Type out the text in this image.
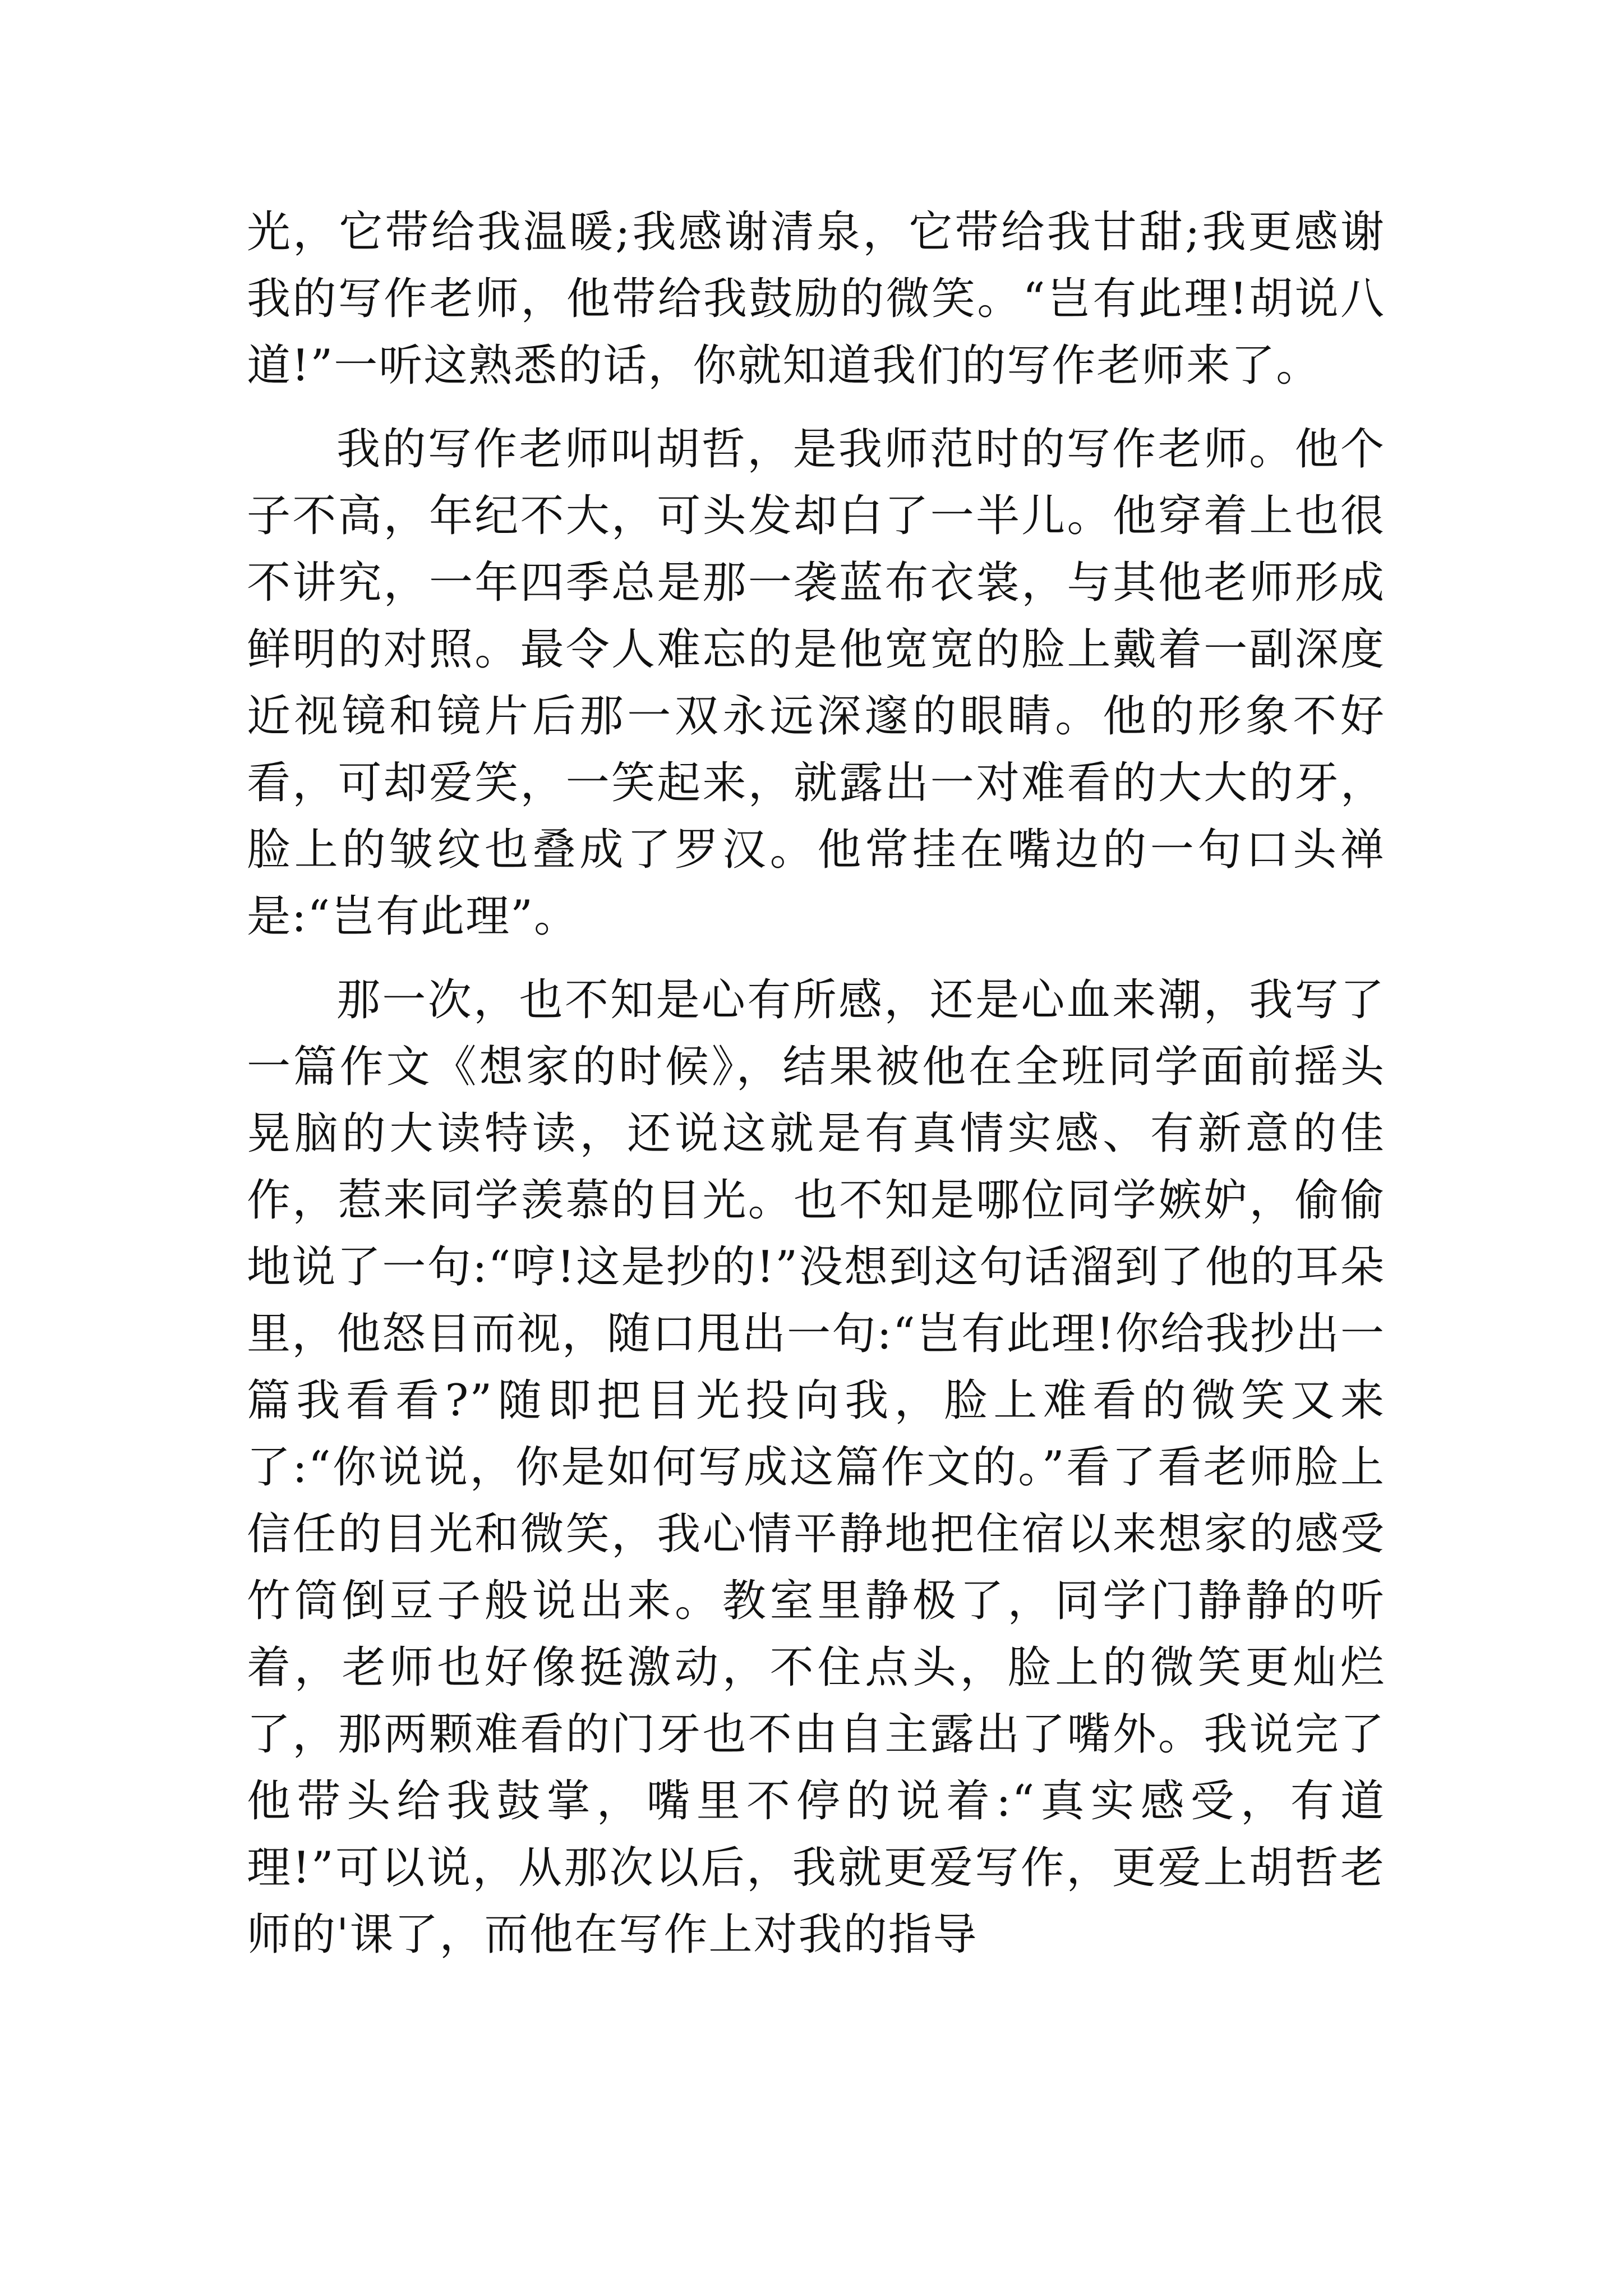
光，它带给我温暖;我感谢清泉，它带给我甘甜;我更感谢我的写作老师，他带给我鼓励的微笑。“岂有此理!胡说八道!”一听这熟悉的话，你就知道我们的写作老师来了。

我的写作老师叫胡哲，是我师范时的写作老师。他个子不高，年纪不大，可头发却白了一半儿。他穿着上也很不讲究，一年四季总是那一袭蓝布衣裳，与其他老师形成鲜明的对照。最令人难忘的是他宽宽的脸上戴着一副深度近视镜和镜片后那一双永远深邃的眼睛。他的形象不好看，可却爱笑，一笑起来，就露出一对难看的大大的牙，脸上的皱纹也叠成了罗汉。他常挂在嘴边的一句口头禅是:“岂有此理”。

那一次，也不知是心有所感，还是心血来潮，我写了一篇作文《想家的时候》，结果被他在全班同学面前摇头晃脑的大读特读，还说这就是有真情实感、有新意的佳作，惹来同学羡慕的目光。也不知是哪位同学嫉妒，偷偷地说了一句:“哼!这是抄的!”没想到这句话溜到了他的耳朵里，他怒目而视，随口甩出一句:“岂有此理!你给我抄出一篇我看看?”随即把目光投向我，脸上难看的微笑又来了:“你说说，你是如何写成这篇作文的。”看了看老师脸上信任的目光和微笑，我心情平静地把住宿以来想家的感受竹筒倒豆子般说出来。教室里静极了，同学门静静的听着，老师也好像挺激动，不住点头，脸上的微笑更灿烂了，那两颗难看的门牙也不由自主露出了嘴外。我说完了他带头给我鼓掌，嘴里不停的说着:“真实感受，有道理!”可以说，从那次以后，我就更爱写作，更爱上胡哲老师的'课了，而他在写作上对我的指导
